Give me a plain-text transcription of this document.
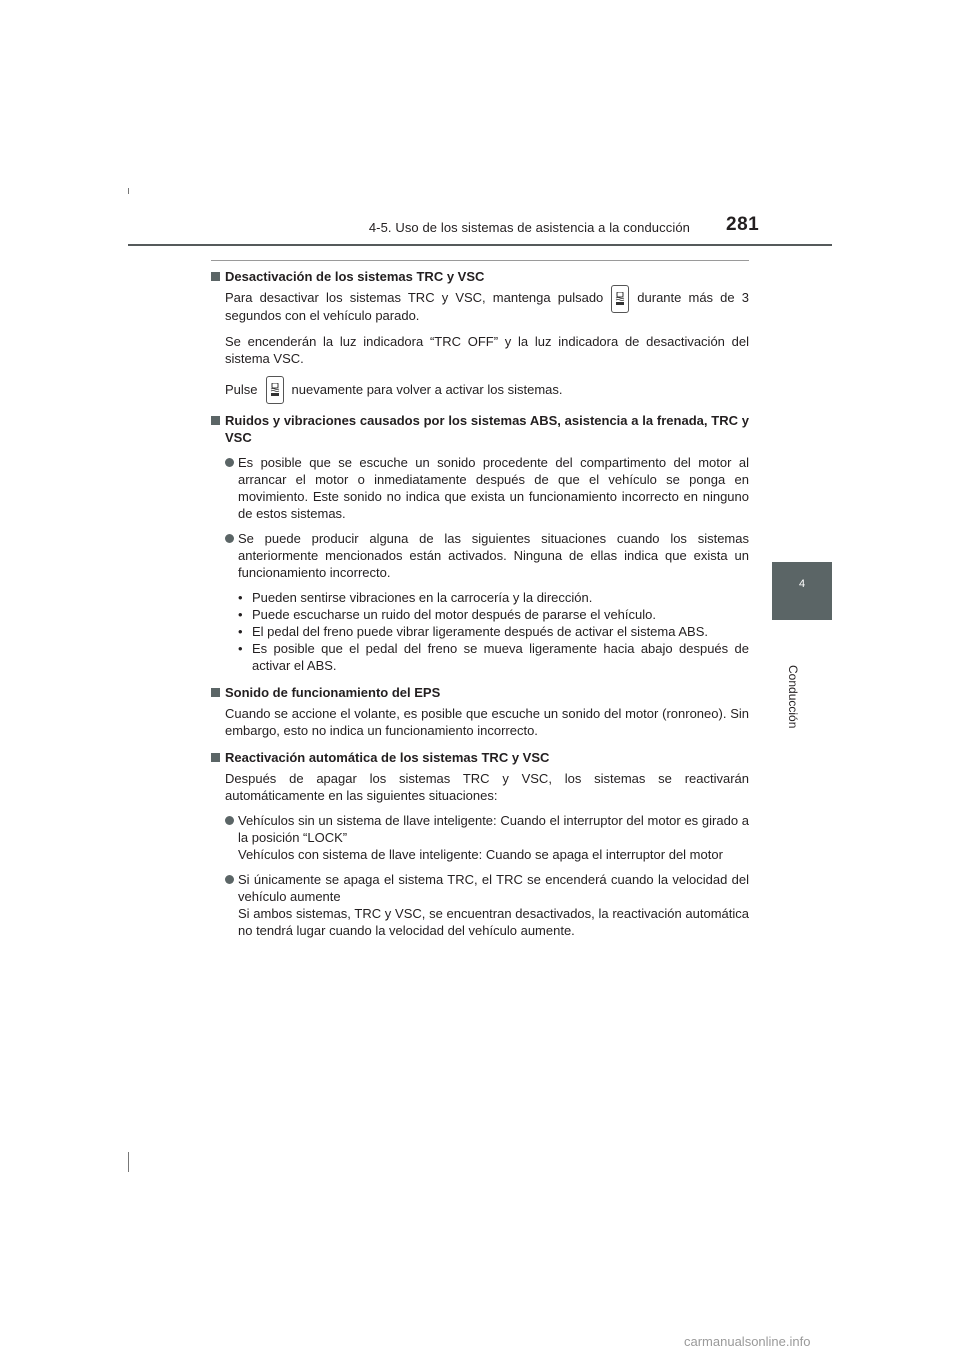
4-5. Uso de los sistemas de asistencia a la conducción 281
4
Conducción

Desactivación de los sistemas TRC y VSC

Para desactivar los sistemas TRC y VSC, mantenga pulsado	durante más de 3 segundos con el vehículo parado.

Se encenderán la luz indicadora “TRC OFF” y la luz indicadora de desactivación del sistema VSC.

Pulse	nuevamente para volver a activar los sistemas.

Ruidos y vibraciones causados por los sistemas ABS, asistencia a la frenada, TRC y VSC

Es posible que se escuche un sonido procedente del compartimento del motor al arrancar el motor o inmediatamente después de que el vehículo se ponga en movimiento. Este sonido no indica que exista un funcionamiento incorrecto en ninguno de estos sistemas.

Se puede producir alguna de las siguientes situaciones cuando los sistemas anteriormente mencionados están activados. Ninguna de ellas indica que exista un funcionamiento incorrecto.

• Pueden sentirse vibraciones en la carrocería y la dirección.
• Puede escucharse un ruido del motor después de pararse el vehículo.
• El pedal del freno puede vibrar ligeramente después de activar el sistema ABS.
• Es posible que el pedal del freno se mueva ligeramente hacia abajo después de activar el ABS.

Sonido de funcionamiento del EPS

Cuando se accione el volante, es posible que escuche un sonido del motor (ronroneo). Sin embargo, esto no indica un funcionamiento incorrecto.

Reactivación automática de los sistemas TRC y VSC

Después de apagar los sistemas TRC y VSC, los sistemas se reactivarán automáticamente en las siguientes situaciones:

Vehículos sin un sistema de llave inteligente: Cuando el interruptor del motor es girado a la posición “LOCK”
Vehículos con sistema de llave inteligente: Cuando se apaga el interruptor del motor

Si únicamente se apaga el sistema TRC, el TRC se encenderá cuando la velocidad del vehículo aumente
Si ambos sistemas, TRC y VSC, se encuentran desactivados, la reactivación automática no tendrá lugar cuando la velocidad del vehículo aumente.

carmanualsonline.info
